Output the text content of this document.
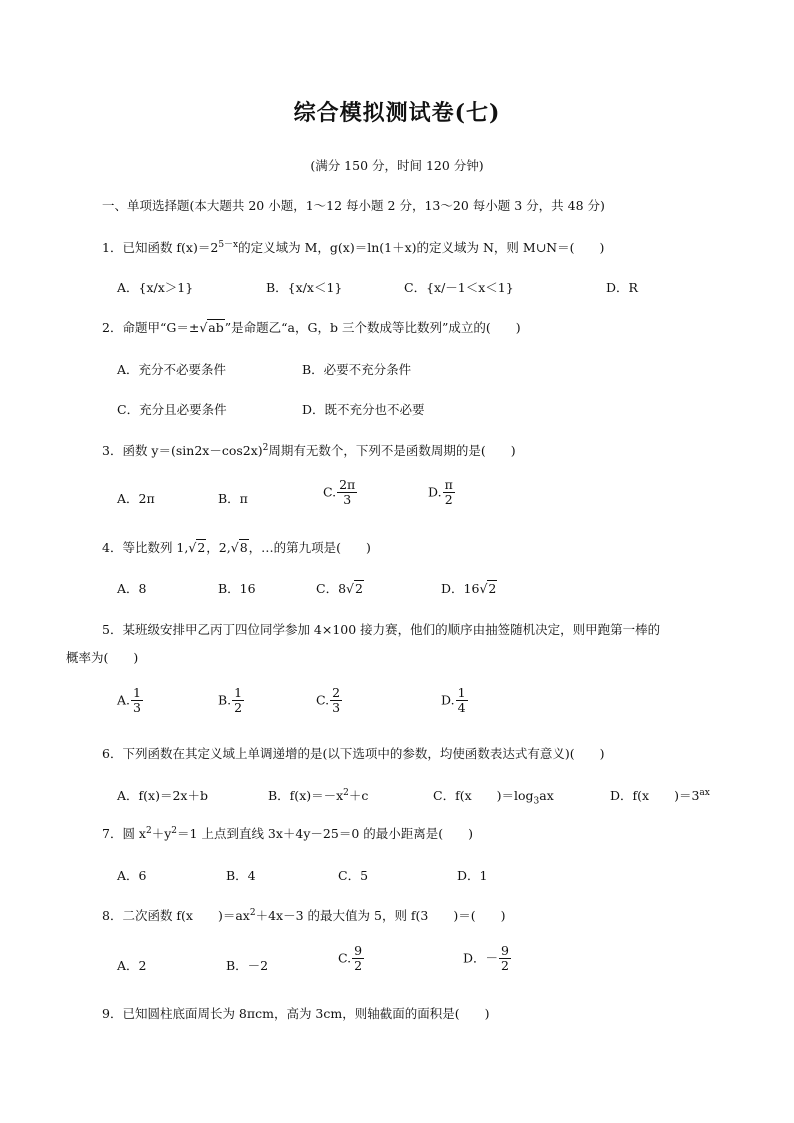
综合模拟测试卷(七)
(满分 150 分，时间 120 分钟)
一、单项选择题(本大题共 20 小题，1～12 每小题 2 分，13～20 每小题 3 分，共 48 分)
1．已知函数 $f(x)=2^{5-x}$的定义域为 M，g(x)＝ln(1＋x)的定义域为 N，则 M∪N＝(　　)
A．{x/x＞1}	B．{x/x＜1}	C．{x/－1＜x＜1}	D．R
2．命题甲“G＝±√ab”是命题乙“a，G，b 三个数成等比数列”成立的(　　)
A．充分不必要条件	B．必要不充分条件
C．充分且必要条件	D．既不充分也不必要
3．函数 $y=(\sin 2x-\cos 2x)^2$周期有无数个，下列不是函数周期的是(　　)
A．2π	B．π	C. $\frac{2\pi}{3}$	D. $\frac{\pi}{2}$
4．等比数列 1,√2，2,√8，…的第九项是(　　)
A．8	B．16	C．8√2	D．16√2
5．某班级安排甲乙丙丁四位同学参加 4×100 接力赛，他们的顺序由抽签随机决定，则甲跑第一棒的
概率为(　　)
A. $\frac{1}{3}$	B. $\frac{1}{2}$	C. $\frac{2}{3}$	D. $\frac{1}{4}$
6．下列函数在其定义域上单调递增的是(以下选项中的参数，均使函数表达式有意义)(　　)
A．f(x)＝2x＋b	B．$f(x)=-x^2+c$	C．f(x　　)$=\log_3ax$	D．f(x　　)$=3^{ax}$
7．圆 $x^2+y^2=1$ 上点到直线 3x＋4y－25＝0 的最小距离是(　　)
A．6	B．4	C．5	D．1
8．二次函数 f(x　　)$=ax^2+4x-3$ 的最大值为 5，则 f(3　　)＝(　　)
A．2	B．－2
C. $\frac{9}{2}$	D．－ $\frac{9}{2}$
9．已知圆柱底面周长为 8πcm，高为 3cm，则轴截面的面积是(　　)
